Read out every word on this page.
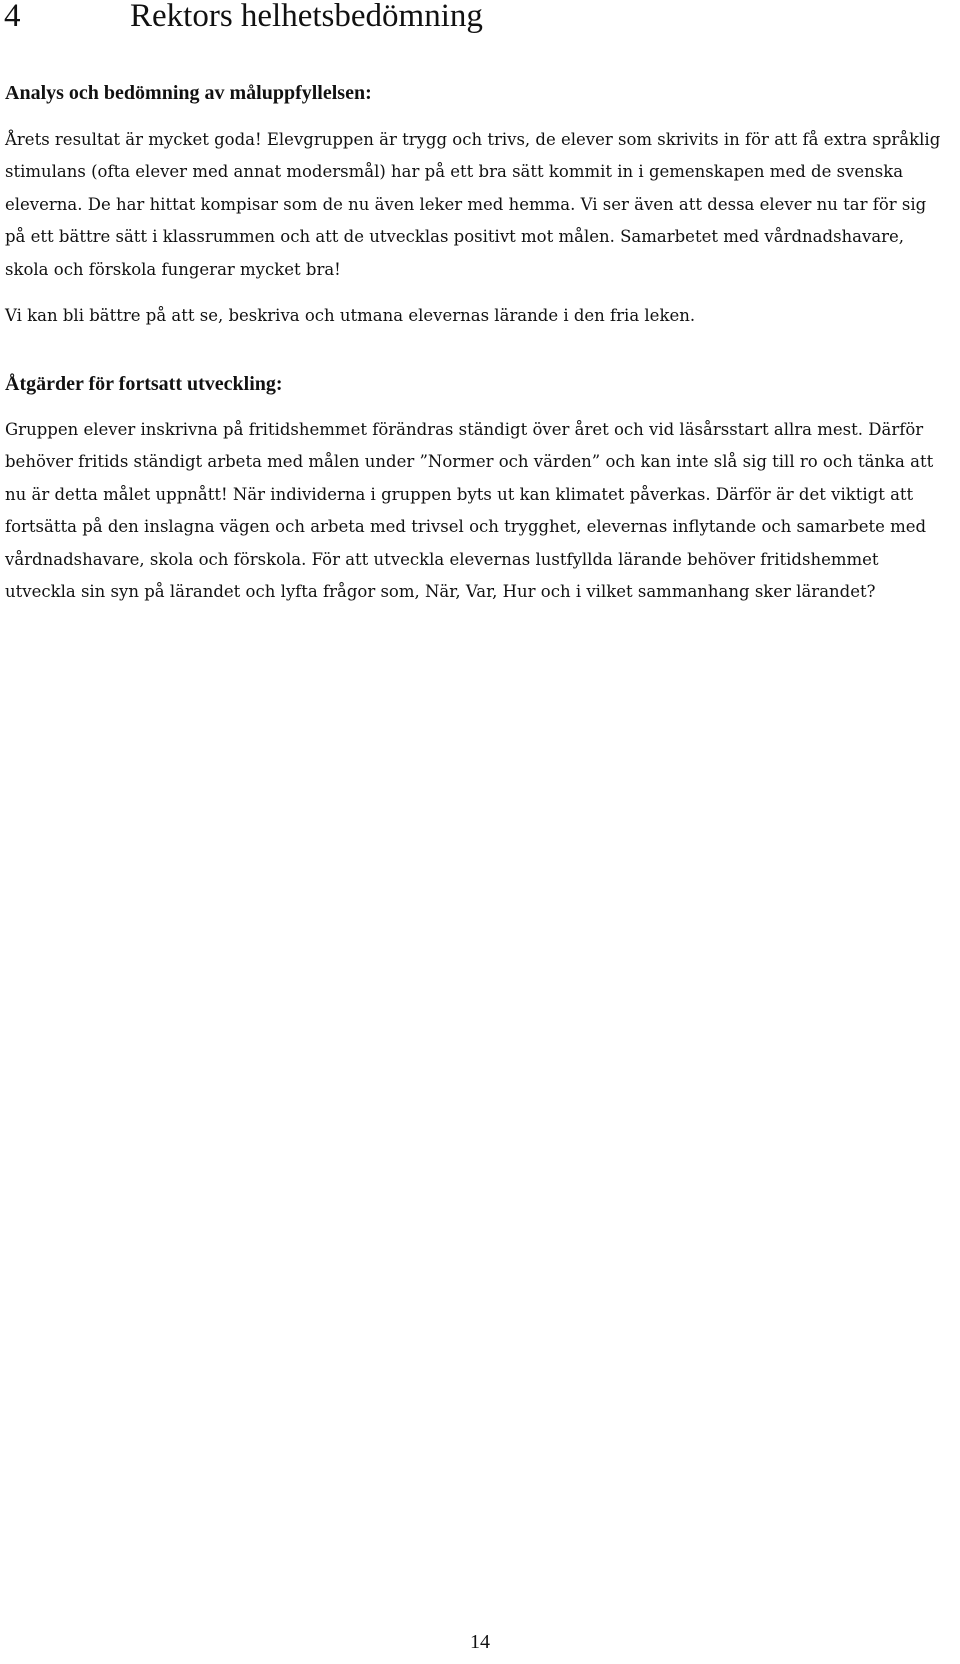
4	Rektors helhetsbedömning
Analys och bedömning av måluppfyllelsen:

Årets resultat är mycket goda! Elevgruppen är trygg och trivs, de elever som skrivits in för att få extra språklig stimulans (ofta elever med annat modersmål) har på ett bra sätt kommit in i gemenskapen med de svenska eleverna. De har hittat kompisar som de nu även leker med hemma. Vi ser även att dessa elever nu tar för sig på ett bättre sätt i klassrummen och att de utvecklas positivt mot målen. Samarbetet med vårdnadshavare, skola och förskola fungerar mycket bra!

Vi kan bli bättre på att se, beskriva och utmana elevernas lärande i den fria leken.

Åtgärder för fortsatt utveckling:

Gruppen elever inskrivna på fritidshemmet förändras ständigt över året och vid läsårsstart allra mest. Därför behöver fritids ständigt arbeta med målen under ”Normer och värden” och kan inte slå sig till ro och tänka att nu är detta målet uppnått! När individerna i gruppen byts ut kan klimatet påverkas. Därför är det viktigt att fortsätta på den inslagna vägen och arbeta med trivsel och trygghet, elevernas inflytande och samarbete med vårdnadshavare, skola och förskola. För att utveckla elevernas lustfyllda lärande behöver fritidshemmet utveckla sin syn på lärandet och lyfta frågor som, När, Var, Hur och i vilket sammanhang sker lärandet?

14
